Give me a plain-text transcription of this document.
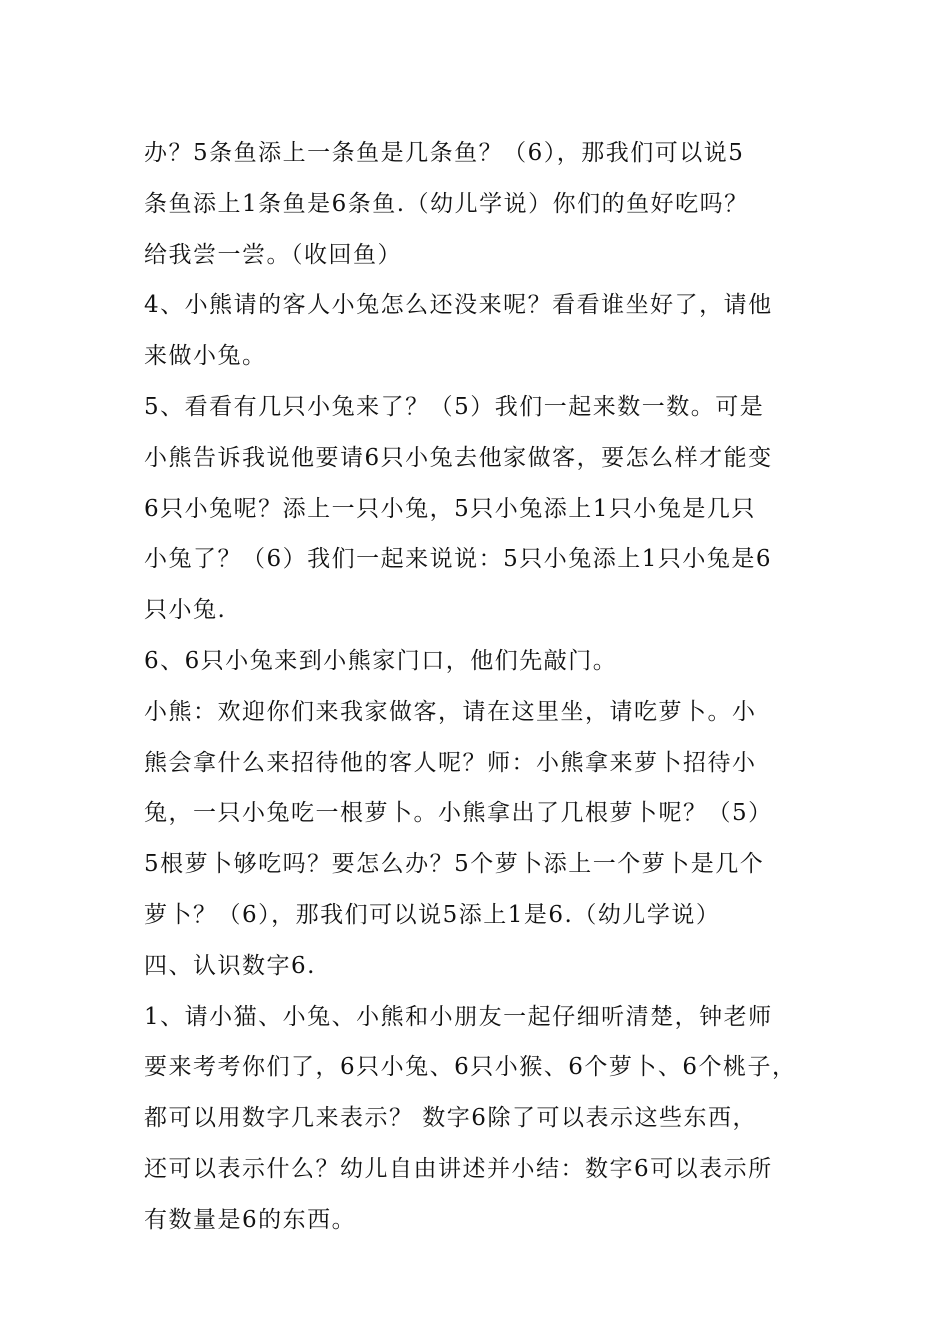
办？5条鱼添上一条鱼是几条鱼？（6），那我们可以说5
条鱼添上1条鱼是6条鱼.（幼儿学说）你们的鱼好吃吗？
给我尝一尝。（收回鱼）
4、小熊请的客人小兔怎么还没来呢？看看谁坐好了，请他
来做小兔。
5、看看有几只小兔来了？（5）我们一起来数一数。可是
小熊告诉我说他要请6只小兔去他家做客，要怎么样才能变
6只小兔呢？添上一只小兔，5只小兔添上1只小兔是几只
小兔了？（6）我们一起来说说：5只小兔添上1只小兔是6
只小兔.
6、6只小兔来到小熊家门口，他们先敲门。
小熊：欢迎你们来我家做客，请在这里坐，请吃萝卜。小
熊会拿什么来招待他的客人呢？师：小熊拿来萝卜招待小
兔，一只小兔吃一根萝卜。小熊拿出了几根萝卜呢？（5）
5根萝卜够吃吗？要怎么办？5个萝卜添上一个萝卜是几个
萝卜？（6），那我们可以说5添上1是6.（幼儿学说）
四、认识数字6.
1、请小猫、小兔、小熊和小朋友一起仔细听清楚，钟老师
要来考考你们了，6只小兔、6只小猴、6个萝卜、6个桃子，
都可以用数字几来表示？ 数字6除了可以表示这些东西，
还可以表示什么？幼儿自由讲述并小结：数字6可以表示所
有数量是6的东西。
